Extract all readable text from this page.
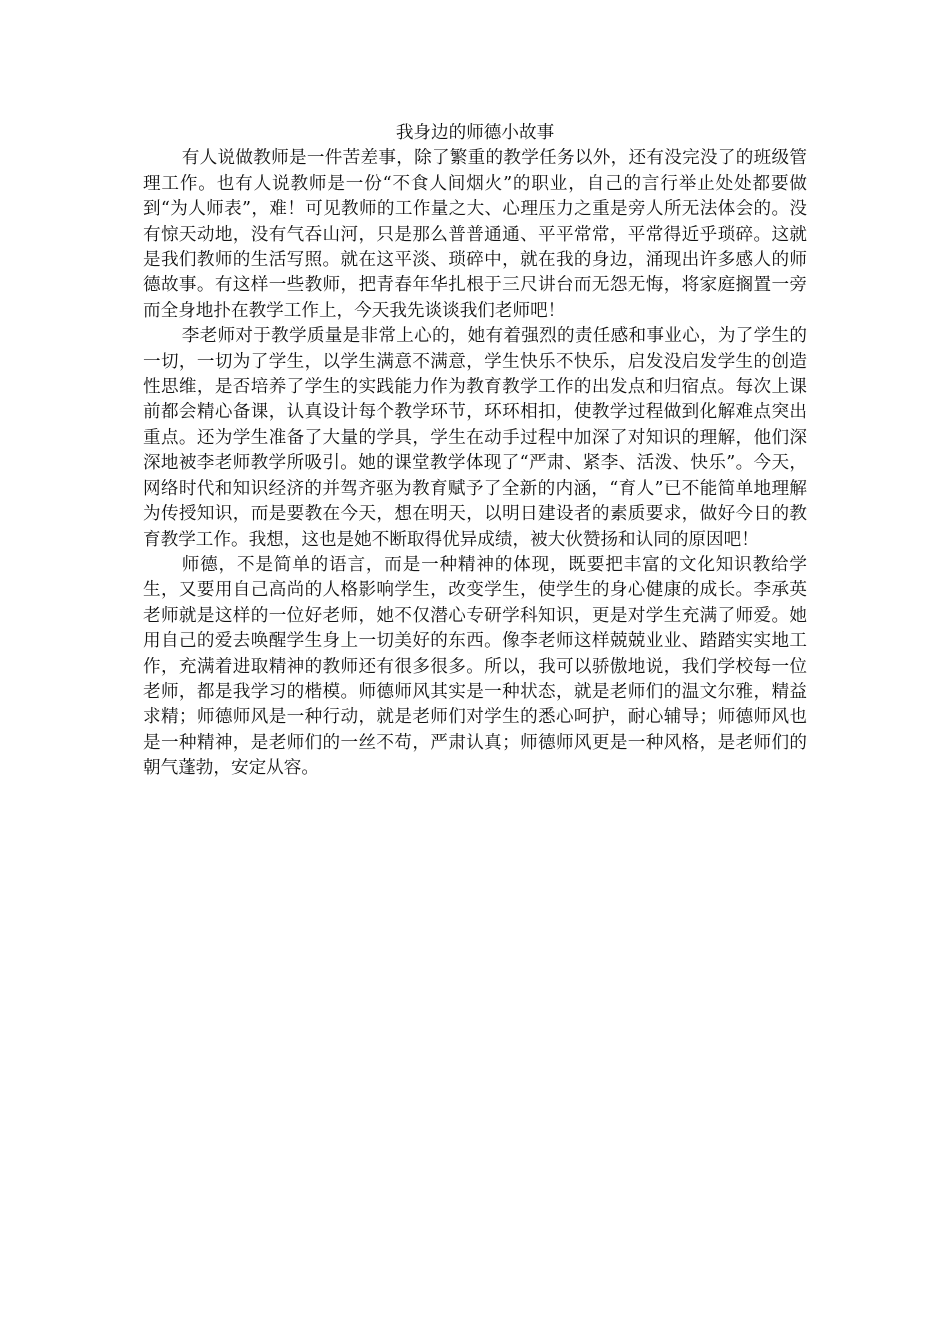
我身边的师德小故事

有人说做教师是一件苦差事，除了繁重的教学任务以外，还有没完没了的班级管理工作。也有人说教师是一份“不食人间烟火”的职业，自己的言行举止处处都要做到“为人师表”，难！可见教师的工作量之大、心理压力之重是旁人所无法体会的。没有惊天动地，没有气吞山河，只是那么普普通通、平平常常，平常得近乎琐碎。这就是我们教师的生活写照。就在这平淡、琐碎中，就在我的身边，涌现出许多感人的师德故事。有这样一些教师，把青春年华扎根于三尺讲台而无怨无悔，将家庭搁置一旁而全身地扑在教学工作上，今天我先谈谈我们老师吧！

李老师对于教学质量是非常上心的，她有着强烈的责任感和事业心，为了学生的一切，一切为了学生，以学生满意不满意，学生快乐不快乐，启发没启发学生的创造性思维，是否培养了学生的实践能力作为教育教学工作的出发点和归宿点。每次上课前都会精心备课，认真设计每个教学环节，环环相扣，使教学过程做到化解难点突出重点。还为学生准备了大量的学具，学生在动手过程中加深了对知识的理解，他们深深地被李老师教学所吸引。她的课堂教学体现了“严肃、紧李、活泼、快乐”。今天，网络时代和知识经济的并驾齐驱为教育赋予了全新的内涵，“育人”已不能简单地理解为传授知识，而是要教在今天，想在明天，以明日建设者的素质要求，做好今日的教育教学工作。我想，这也是她不断取得优异成绩，被大伙赞扬和认同的原因吧！

师德，不是简单的语言，而是一种精神的体现，既要把丰富的文化知识教给学生，又要用自己高尚的人格影响学生，改变学生，使学生的身心健康的成长。李承英老师就是这样的一位好老师，她不仅潜心专研学科知识，更是对学生充满了师爱。她用自己的爱去唤醒学生身上一切美好的东西。像李老师这样兢兢业业、踏踏实实地工作，充满着进取精神的教师还有很多很多。所以，我可以骄傲地说，我们学校每一位老师，都是我学习的楷模。师德师风其实是一种状态，就是老师们的温文尔雅，精益求精；师德师风是一种行动，就是老师们对学生的悉心呵护，耐心辅导；师德师风也是一种精神，是老师们的一丝不苟，严肃认真；师德师风更是一种风格，是老师们的朝气蓬勃，安定从容。
